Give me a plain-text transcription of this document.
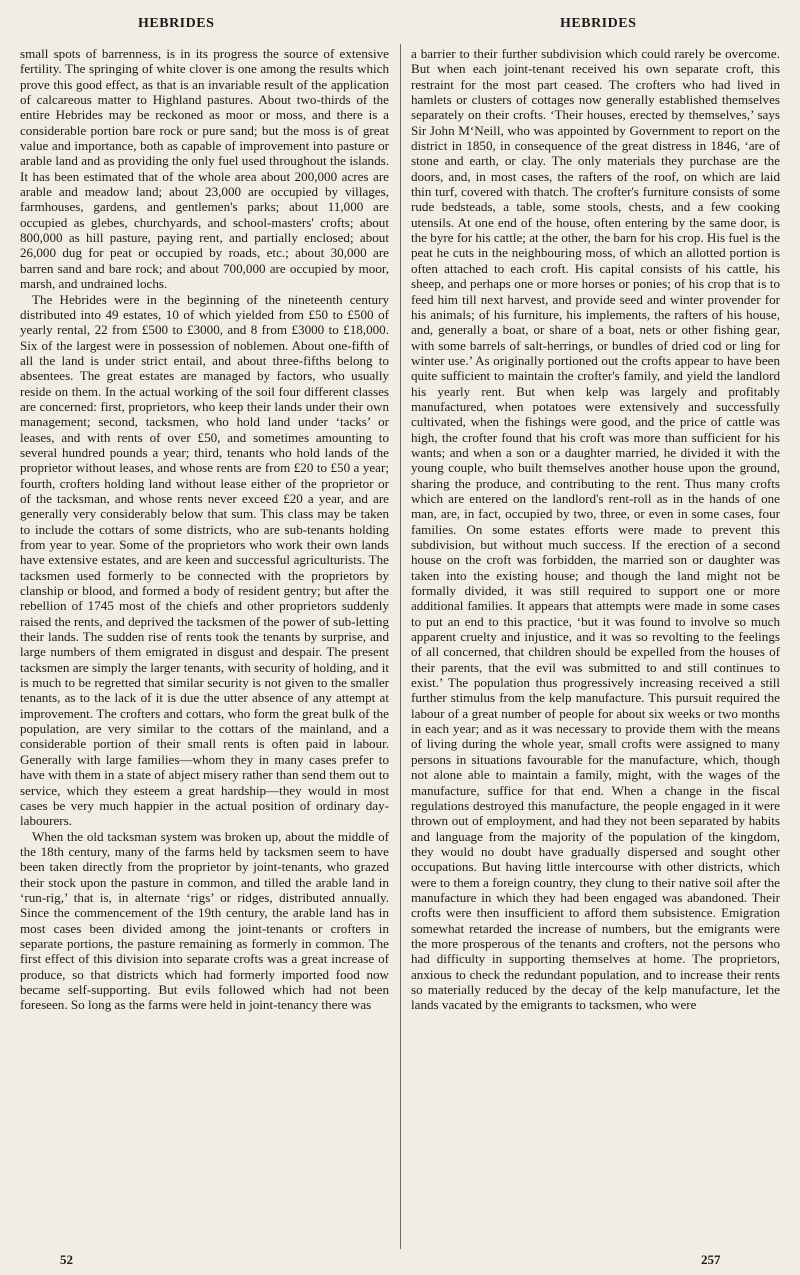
HEBRIDES	HEBRIDES

small spots of barrenness, is in its progress the source of extensive fertility. The springing of white clover is one among the results which prove this good effect, as that is an invariable result of the application of calcareous matter to Highland pastures. About two-thirds of the entire Hebrides may be reckoned as moor or moss, and there is a considerable portion bare rock or pure sand; but the moss is of great value and importance, both as capable of improvement into pasture or arable land and as providing the only fuel used throughout the islands. It has been estimated that of the whole area about 200,000 acres are arable and meadow land; about 23,000 are occupied by villages, farmhouses, gardens, and gentlemen's parks; about 11,000 are occupied as glebes, churchyards, and school-masters' crofts; about 800,000 as hill pasture, paying rent, and partially enclosed; about 26,000 dug for peat or occupied by roads, etc.; about 30,000 are barren sand and bare rock; and about 700,000 are occupied by moor, marsh, and undrained lochs.

The Hebrides were in the beginning of the nineteenth century distributed into 49 estates, 10 of which yielded from £50 to £500 of yearly rental, 22 from £500 to £3000, and 8 from £3000 to £18,000. Six of the largest were in possession of noblemen. About one-fifth of all the land is under strict entail, and about three-fifths belong to absentees. The great estates are managed by factors, who usually reside on them. In the actual working of the soil four different classes are concerned: first, proprietors, who keep their lands under their own management; second, tacksmen, who hold land under ‘tacks’ or leases, and with rents of over £50, and sometimes amounting to several hundred pounds a year; third, tenants who hold lands of the proprietor without leases, and whose rents are from £20 to £50 a year; fourth, crofters holding land without lease either of the proprietor or of the tacksman, and whose rents never exceed £20 a year, and are generally very considerably below that sum. This class may be taken to include the cottars of some districts, who are sub-tenants holding from year to year. Some of the proprietors who work their own lands have extensive estates, and are keen and successful agriculturists. The tacksmen used formerly to be connected with the proprietors by clanship or blood, and formed a body of resident gentry; but after the rebellion of 1745 most of the chiefs and other proprietors suddenly raised the rents, and deprived the tacksmen of the power of sub-letting their lands. The sudden rise of rents took the tenants by surprise, and large numbers of them emigrated in disgust and despair. The present tacksmen are simply the larger tenants, with security of holding, and it is much to be regretted that similar security is not given to the smaller tenants, as to the lack of it is due the utter absence of any attempt at improvement. The crofters and cottars, who form the great bulk of the population, are very similar to the cottars of the mainland, and a considerable portion of their small rents is often paid in labour. Generally with large families—whom they in many cases prefer to have with them in a state of abject misery rather than send them out to service, which they esteem a great hardship—they would in most cases be very much happier in the actual position of ordinary day-labourers.

When the old tacksman system was broken up, about the middle of the 18th century, many of the farms held by tacksmen seem to have been taken directly from the proprietor by joint-tenants, who grazed their stock upon the pasture in common, and tilled the arable land in ‘run-rig,’ that is, in alternate ‘rigs’ or ridges, distributed annually. Since the commencement of the 19th century, the arable land has in most cases been divided among the joint-tenants or crofters in separate portions, the pasture remaining as formerly in common. The first effect of this division into separate crofts was a great increase of produce, so that districts which had formerly imported food now became self-supporting. But evils followed which had not been foreseen. So long as the farms were held in joint-tenancy there was

a barrier to their further subdivision which could rarely be overcome. But when each joint-tenant received his own separate croft, this restraint for the most part ceased. The crofters who had lived in hamlets or clusters of cottages now generally established themselves separately on their crofts. ‘Their houses, erected by themselves,’ says Sir John M‘Neill, who was appointed by Government to report on the district in 1850, in consequence of the great distress in 1846, ‘are of stone and earth, or clay. The only materials they purchase are the doors, and, in most cases, the rafters of the roof, on which are laid thin turf, covered with thatch. The crofter's furniture consists of some rude bedsteads, a table, some stools, chests, and a few cooking utensils. At one end of the house, often entering by the same door, is the byre for his cattle; at the other, the barn for his crop. His fuel is the peat he cuts in the neighbouring moss, of which an allotted portion is often attached to each croft. His capital consists of his cattle, his sheep, and perhaps one or more horses or ponies; of his crop that is to feed him till next harvest, and provide seed and winter provender for his animals; of his furniture, his implements, the rafters of his house, and, generally a boat, or share of a boat, nets or other fishing gear, with some barrels of salt-herrings, or bundles of dried cod or ling for winter use.’ As originally portioned out the crofts appear to have been quite sufficient to maintain the crofter's family, and yield the landlord his yearly rent. But when kelp was largely and profitably manufactured, when potatoes were extensively and successfully cultivated, when the fishings were good, and the price of cattle was high, the crofter found that his croft was more than sufficient for his wants; and when a son or a daughter married, he divided it with the young couple, who built themselves another house upon the ground, sharing the produce, and contributing to the rent. Thus many crofts which are entered on the landlord's rent-roll as in the hands of one man, are, in fact, occupied by two, three, or even in some cases, four families. On some estates efforts were made to prevent this subdivision, but without much success. If the erection of a second house on the croft was forbidden, the married son or daughter was taken into the existing house; and though the land might not be formally divided, it was still required to support one or more additional families. It appears that attempts were made in some cases to put an end to this practice, ‘but it was found to involve so much apparent cruelty and injustice, and it was so revolting to the feelings of all concerned, that children should be expelled from the houses of their parents, that the evil was submitted to and still continues to exist.’ The population thus progressively increasing received a still further stimulus from the kelp manufacture. This pursuit required the labour of a great number of people for about six weeks or two months in each year; and as it was necessary to provide them with the means of living during the whole year, small crofts were assigned to many persons in situations favourable for the manufacture, which, though not alone able to maintain a family, might, with the wages of the manufacture, suffice for that end. When a change in the fiscal regulations destroyed this manufacture, the people engaged in it were thrown out of employment, and had they not been separated by habits and language from the majority of the population of the kingdom, they would no doubt have gradually dispersed and sought other occupations. But having little intercourse with other districts, which were to them a foreign country, they clung to their native soil after the manufacture in which they had been engaged was abandoned. Their crofts were then insufficient to afford them subsistence. Emigration somewhat retarded the increase of numbers, but the emigrants were the more prosperous of the tenants and crofters, not the persons who had difficulty in supporting themselves at home. The proprietors, anxious to check the redundant population, and to increase their rents so materially reduced by the decay of the kelp manufacture, let the lands vacated by the emigrants to tacksmen, who were

52	257
